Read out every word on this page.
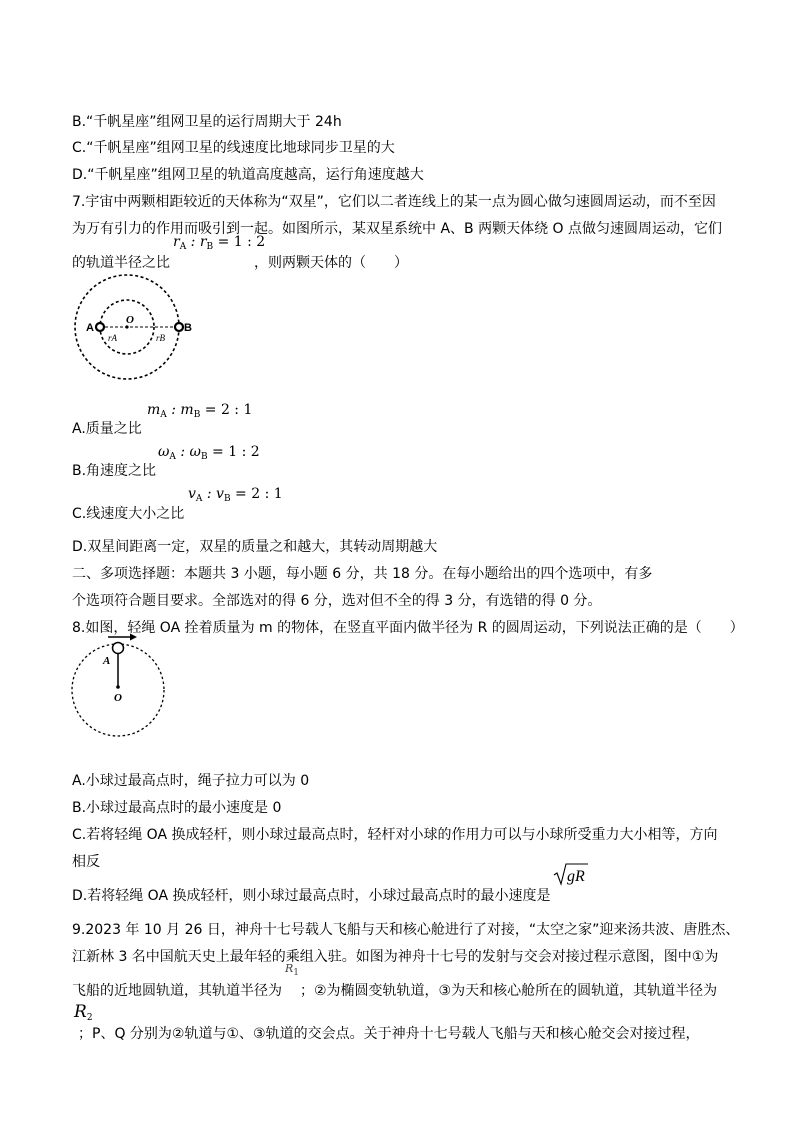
B.“千帆星座”组网卫星的运行周期大于 24h
C.“千帆星座”组网卫星的线速度比地球同步卫星的大
D.“千帆星座”组网卫星的轨道高度越高，运行角速度越大
7.宇宙中两颗相距较近的天体称为“双星”，它们以二者连线上的某一点为圆心做匀速圆周运动，而不至因
为万有引力的作用而吸引到一起。如图所示，某双星系统中 A、B 两颗天体绕 O 点做匀速圆周运动，它们
的轨道半径之比
$r_A$ : $r_B = 1$ : 2
，则两颗天体的（　　）
A	B
O
rA	rB
$m_A$ : $m_B = 2$ : 1
A.质量之比
$\omega_A$ : $\omega_B = 1$ : 2
B.角速度之比
$v_A$ : $v_B = 2$ : 1
C.线速度大小之比
D.双星间距离一定，双星的质量之和越大，其转动周期越大
二、多项选择题：本题共 3 小题，每小题 6 分，共 18 分。在每小题给出的四个选项中，有多
个选项符合题目要求。全部选对的得 6 分，选对但不全的得 3 分，有选错的得 0 分。
8.如图，轻绳 OA 拴着质量为 m 的物体，在竖直平面内做半径为 R 的圆周运动，下列说法正确的是（　　）
A
O
A.小球过最高点时，绳子拉力可以为 0
B.小球过最高点时的最小速度是 0
C.若将轻绳 OA 换成轻杆，则小球过最高点时，轻杆对小球的作用力可以与小球所受重力大小相等，方向
相反
D.若将轻绳 OA 换成轻杆，则小球过最高点时，小球过最高点时的最小速度是
gR
9.2023 年 10 月 26 日，神舟十七号载人飞船与天和核心舱进行了对接，“太空之家”迎来汤共波、唐胜杰、
江新林 3 名中国航天史上最年轻的乘组入驻。如图为神舟十七号的发射与交会对接过程示意图，图中①为
飞船的近地圆轨道，其轨道半径为
$R_1$
；②为椭圆变轨轨道，③为天和核心舱所在的圆轨道，其轨道半径为
$R_2$
；P、Q 分别为②轨道与①、③轨道的交会点。关于神舟十七号载人飞船与天和核心舱交会对接过程，
